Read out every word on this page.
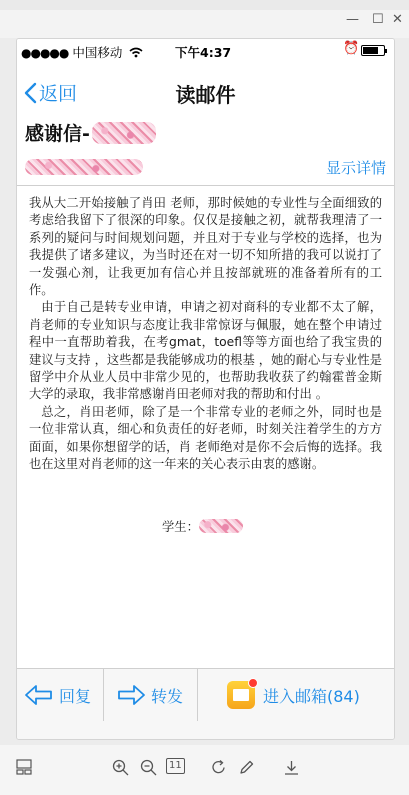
— ☐ ✕
●●●●● 中国移动	下午4:37	⏰
返回	读邮件
感谢信-
显示详情

我从大二开始接触了肖田 老师，那时候她的专业性与全面细致的考虑给我留下了很深的印象。仅仅是接触之初，就帮我理清了一系列的疑问与时间规划问题，并且对于专业与学校的选择，也为我提供了诸多建议，为当时还在对一切不知所措的我可以说打了一发强心剂，让我更加有信心并且按部就班的准备着所有的工作。

由于自己是转专业申请，申请之初对商科的专业都不太了解，肖老师的专业知识与态度让我非常惊讶与佩服，她在整个申请过程中一直帮助着我，在考gmat，toefl等等方面也给了我宝贵的建议与支持 ，这些都是我能够成功的根基 ，她的耐心与专业性是留学中介从业人员中非常少见的，也帮助我收获了约翰霍普金斯大学的录取，我非常感谢肖田老师对我的帮助和付出 。

总之，肖田老师，除了是一个非常专业的老师之外，同时也是一位非常认真，细心和负责任的好老师，时刻关注着学生的方方面面，如果你想留学的话，肖 老师绝对是你不会后悔的选择。我也在这里对肖老师的这一年来的关心表示由衷的感谢。

学生：
回复	转发	进入邮箱(84)
11
